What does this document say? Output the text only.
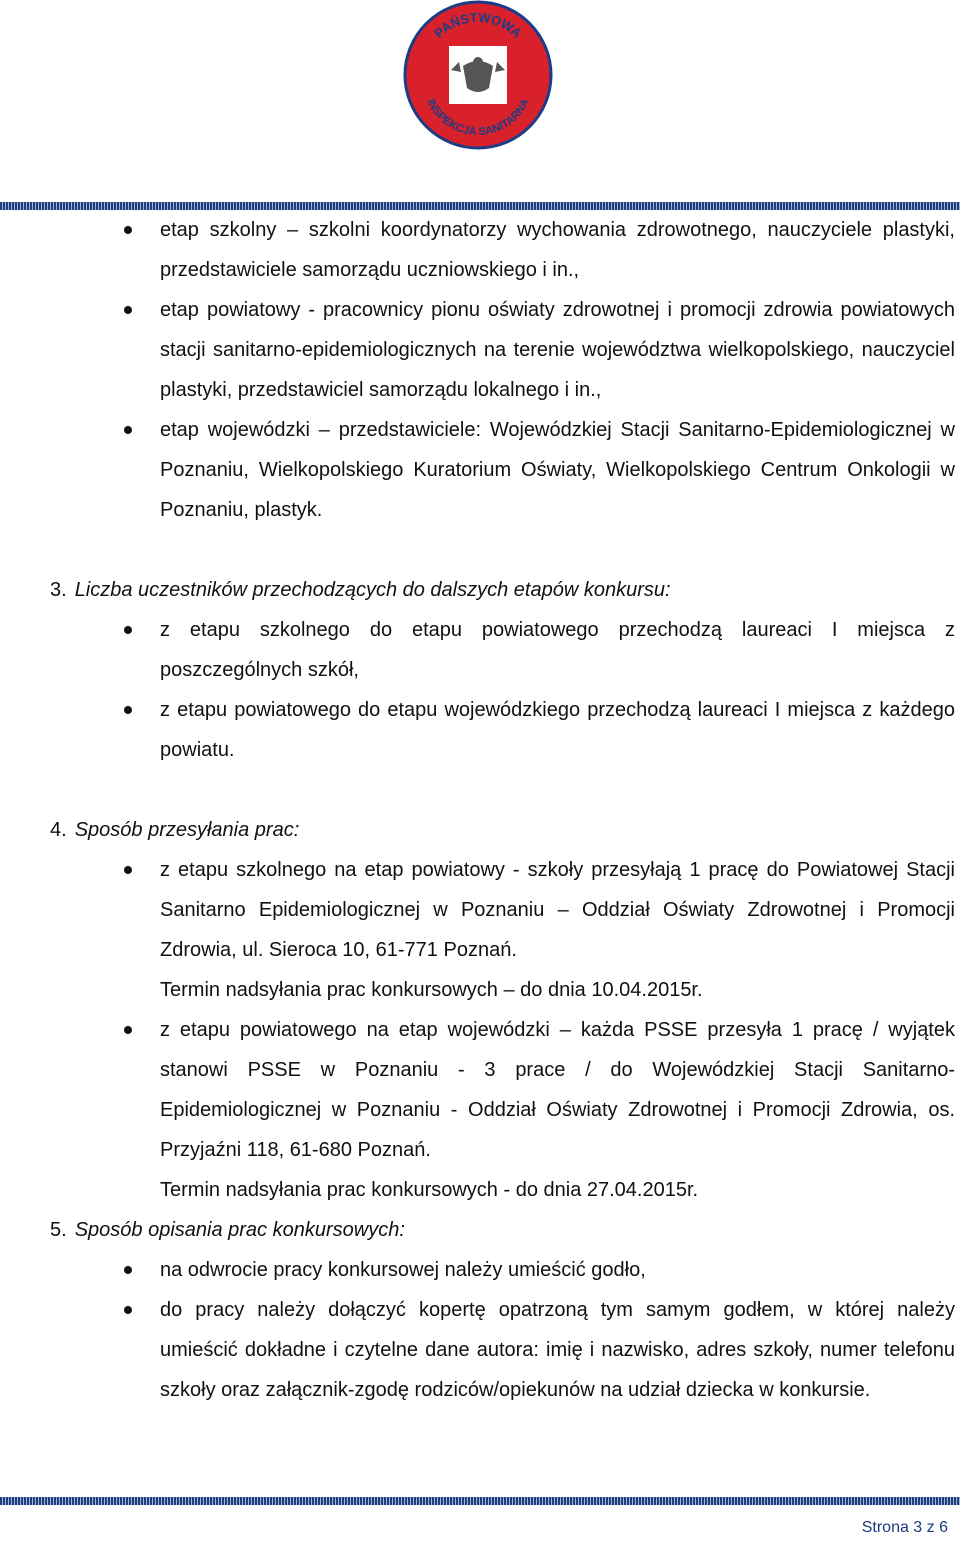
PAŃSTWOWA
INSPEKCJA SANITARNA
etap szkolny – szkolni koordynatorzy wychowania zdrowotnego, nauczyciele plastyki, przedstawiciele samorządu uczniowskiego i in.,
etap powiatowy - pracownicy pionu oświaty zdrowotnej i promocji zdrowia powiatowych stacji sanitarno-epidemiologicznych na terenie województwa wielkopolskiego, nauczyciel plastyki, przedstawiciel samorządu lokalnego i in.,
etap wojewódzki – przedstawiciele: Wojewódzkiej Stacji Sanitarno-Epidemiologicznej w Poznaniu, Wielkopolskiego Kuratorium Oświaty, Wielkopolskiego Centrum Onkologii w Poznaniu, plastyk.
3. Liczba uczestników przechodzących do dalszych etapów konkursu:
z etapu szkolnego do etapu powiatowego przechodzą laureaci I miejsca z poszczególnych szkół,
z etapu powiatowego do etapu wojewódzkiego przechodzą laureaci I miejsca z każdego powiatu.
4. Sposób przesyłania prac:
z etapu szkolnego na etap powiatowy - szkoły przesyłają 1 pracę do Powiatowej Stacji Sanitarno Epidemiologicznej w Poznaniu – Oddział Oświaty Zdrowotnej i Promocji Zdrowia, ul. Sieroca 10, 61-771 Poznań.
Termin nadsyłania prac konkursowych – do dnia 10.04.2015r.
z etapu powiatowego na etap wojewódzki – każda PSSE przesyła 1 pracę / wyjątek stanowi PSSE w Poznaniu - 3 prace / do Wojewódzkiej Stacji Sanitarno-Epidemiologicznej w Poznaniu - Oddział Oświaty Zdrowotnej i Promocji Zdrowia, os. Przyjaźni 118, 61-680 Poznań.
Termin nadsyłania prac konkursowych - do dnia 27.04.2015r.
5. Sposób opisania prac konkursowych:
na odwrocie pracy konkursowej należy umieścić godło,
do pracy należy dołączyć kopertę opatrzoną tym samym godłem, w której należy umieścić dokładne i czytelne dane autora: imię i nazwisko, adres szkoły, numer telefonu szkoły oraz załącznik-zgodę rodziców/opiekunów na udział dziecka w konkursie.
Strona 3 z 6
